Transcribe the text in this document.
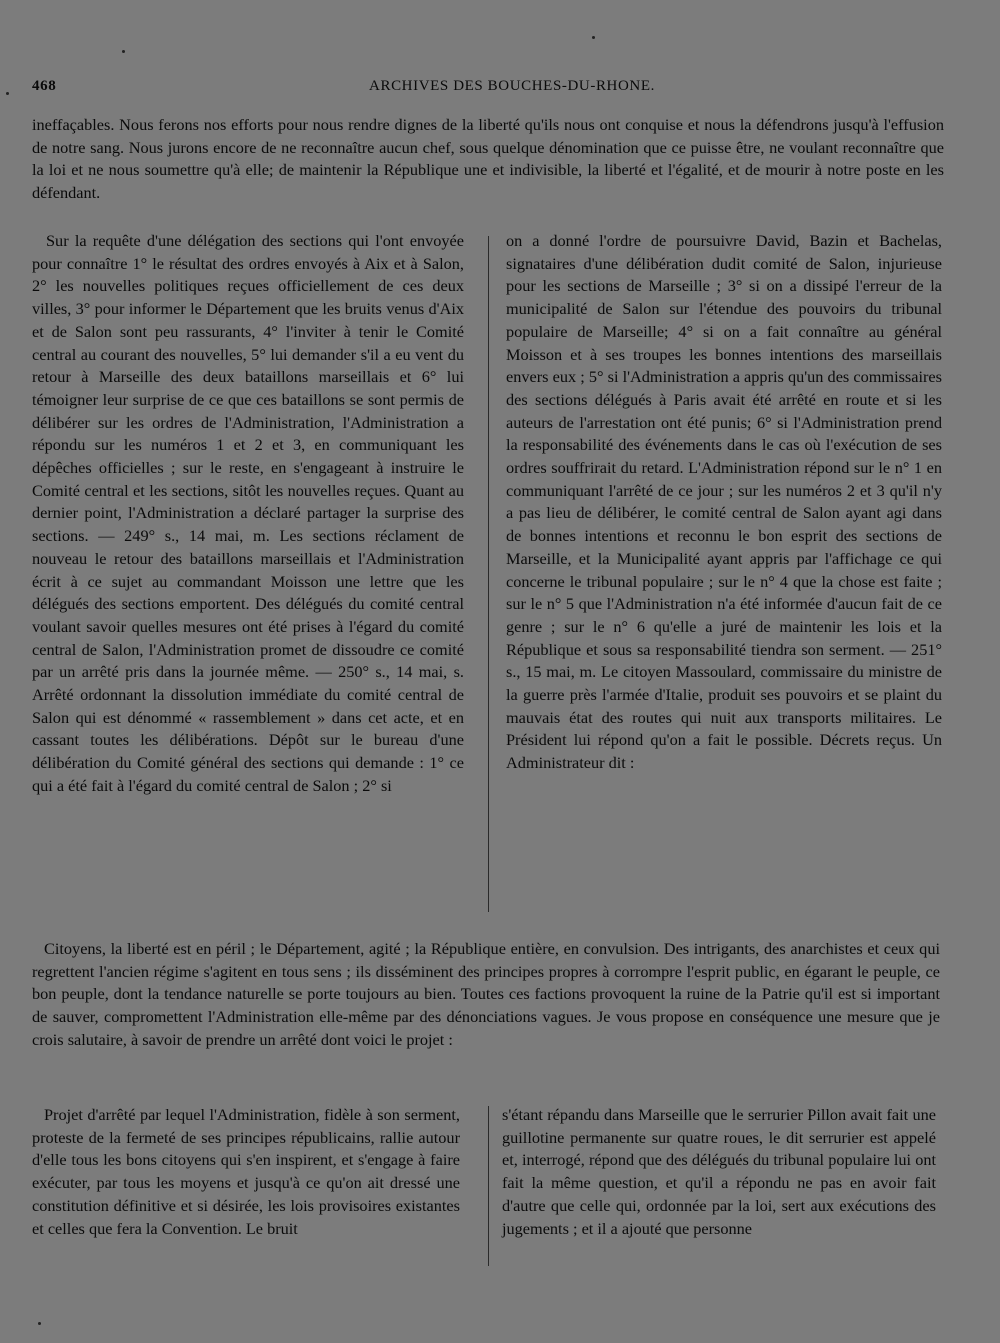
468	ARCHIVES DES BOUCHES-DU-RHONE.
ineffaçables. Nous ferons nos efforts pour nous rendre dignes de la liberté qu'ils nous ont conquise et nous la défendrons jusqu'à l'effusion de notre sang. Nous jurons encore de ne reconnaître aucun chef, sous quelque dénomination que ce puisse être, ne voulant reconnaître que la loi et ne nous soumettre qu'à elle; de maintenir la République une et indivisible, la liberté et l'égalité, et de mourir à notre poste en les défendant.
Sur la requête d'une délégation des sections qui l'ont envoyée pour connaître 1° le résultat des ordres envoyés à Aix et à Salon, 2° les nouvelles politiques reçues officiellement de ces deux villes, 3° pour informer le Département que les bruits venus d'Aix et de Salon sont peu rassurants, 4° l'inviter à tenir le Comité central au courant des nouvelles, 5° lui demander s'il a eu vent du retour à Marseille des deux bataillons marseillais et 6° lui témoigner leur surprise de ce que ces bataillons se sont permis de délibérer sur les ordres de l'Administration, l'Administration a répondu sur les numéros 1 et 2 et 3, en communiquant les dépêches officielles ; sur le reste, en s'engageant à instruire le Comité central et les sections, sitôt les nouvelles reçues. Quant au dernier point, l'Administration a déclaré partager la surprise des sections. — 249° s., 14 mai, m. Les sections réclament de nouveau le retour des bataillons marseillais et l'Administration écrit à ce sujet au commandant Moisson une lettre que les délégués des sections emportent. Des délégués du comité central voulant savoir quelles mesures ont été prises à l'égard du comité central de Salon, l'Administration promet de dissoudre ce comité par un arrêté pris dans la journée même. — 250° s., 14 mai, s. Arrêté ordonnant la dissolution immédiate du comité central de Salon qui est dénommé « rassemblement » dans cet acte, et en cassant toutes les délibérations. Dépôt sur le bureau d'une délibération du Comité général des sections qui demande : 1° ce qui a été fait à l'égard du comité central de Salon ; 2° si
on a donné l'ordre de poursuivre David, Bazin et Bachelas, signataires d'une délibération dudit comité de Salon, injurieuse pour les sections de Marseille ; 3° si on a dissipé l'erreur de la municipalité de Salon sur l'étendue des pouvoirs du tribunal populaire de Marseille; 4° si on a fait connaître au général Moisson et à ses troupes les bonnes intentions des marseillais envers eux ; 5° si l'Administration a appris qu'un des commissaires des sections délégués à Paris avait été arrêté en route et si les auteurs de l'arrestation ont été punis; 6° si l'Administration prend la responsabilité des événements dans le cas où l'exécution de ses ordres souffrirait du retard. L'Administration répond sur le n° 1 en communiquant l'arrêté de ce jour ; sur les numéros 2 et 3 qu'il n'y a pas lieu de délibérer, le comité central de Salon ayant agi dans de bonnes intentions et reconnu le bon esprit des sections de Marseille, et la Municipalité ayant appris par l'affichage ce qui concerne le tribunal populaire ; sur le n° 4 que la chose est faite ; sur le n° 5 que l'Administration n'a été informée d'aucun fait de ce genre ; sur le n° 6 qu'elle a juré de maintenir les lois et la République et sous sa responsabilité tiendra son serment. — 251° s., 15 mai, m. Le citoyen Massoulard, commissaire du ministre de la guerre près l'armée d'Italie, produit ses pouvoirs et se plaint du mauvais état des routes qui nuit aux transports militaires. Le Président lui répond qu'on a fait le possible. Décrets reçus. Un Administrateur dit :
Citoyens, la liberté est en péril ; le Département, agité ; la République entière, en convulsion. Des intrigants, des anarchistes et ceux qui regrettent l'ancien régime s'agitent en tous sens ; ils disséminent des principes propres à corrompre l'esprit public, en égarant le peuple, ce bon peuple, dont la tendance naturelle se porte toujours au bien. Toutes ces factions provoquent la ruine de la Patrie qu'il est si important de sauver, compromettent l'Administration elle-même par des dénonciations vagues. Je vous propose en conséquence une mesure que je crois salutaire, à savoir de prendre un arrêté dont voici le projet :
Projet d'arrêté par lequel l'Administration, fidèle à son serment, proteste de la fermeté de ses principes républicains, rallie autour d'elle tous les bons citoyens qui s'en inspirent, et s'engage à faire exécuter, par tous les moyens et jusqu'à ce qu'on ait dressé une constitution définitive et si désirée, les lois provisoires existantes et celles que fera la Convention. Le bruit
s'étant répandu dans Marseille que le serrurier Pillon avait fait une guillotine permanente sur quatre roues, le dit serrurier est appelé et, interrogé, répond que des délégués du tribunal populaire lui ont fait la même question, et qu'il a répondu ne pas en avoir fait d'autre que celle qui, ordonnée par la loi, sert aux exécutions des jugements ; et il a ajouté que personne
